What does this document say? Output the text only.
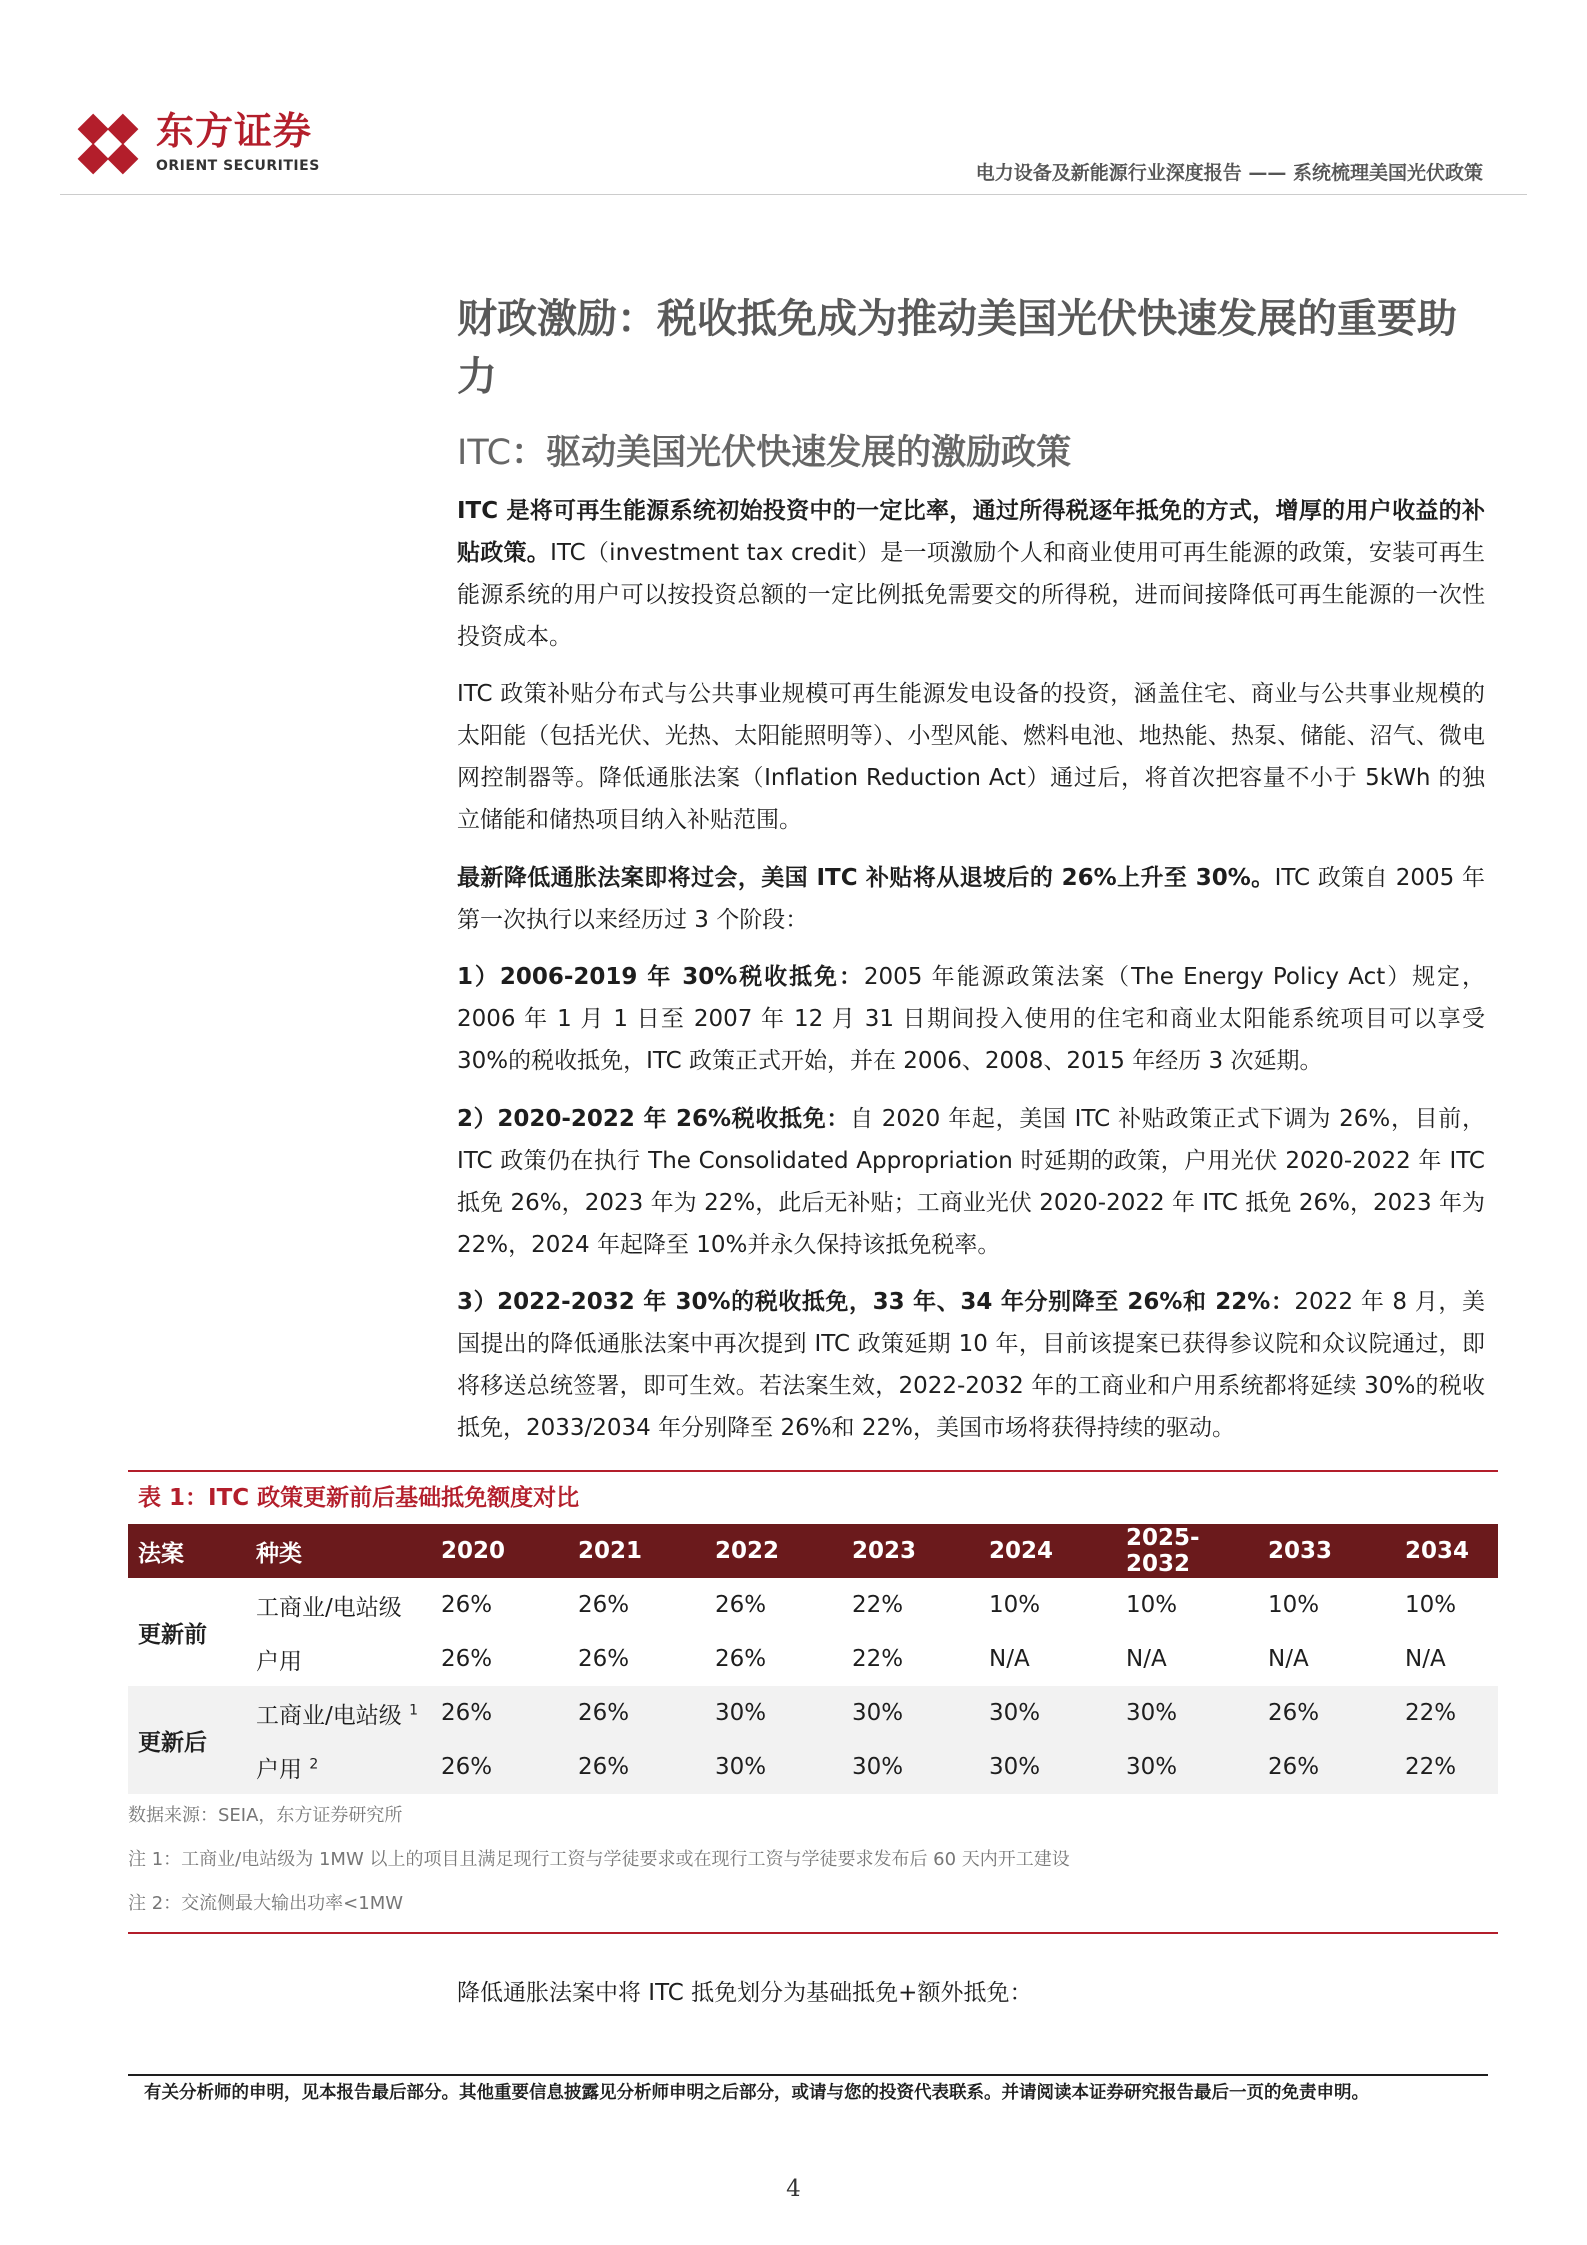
东方证券
ORIENT SECURITIES	电力设备及新能源行业深度报告 —— 系统梳理美国光伏政策
财政激励：税收抵免成为推动美国光伏快速发展的重要助力
ITC：驱动美国光伏快速发展的激励政策

ITC 是将可再生能源系统初始投资中的一定比率，通过所得税逐年抵免的方式，增厚的用户收益的补贴政策。ITC（investment tax credit）是一项激励个人和商业使用可再生能源的政策，安装可再生能源系统的用户可以按投资总额的一定比例抵免需要交的所得税，进而间接降低可再生能源的一次性投资成本。

ITC 政策补贴分布式与公共事业规模可再生能源发电设备的投资，涵盖住宅、商业与公共事业规模的太阳能（包括光伏、光热、太阳能照明等）、小型风能、燃料电池、地热能、热泵、储能、沼气、微电网控制器等。降低通胀法案（Inflation Reduction Act）通过后，将首次把容量不小于 5kWh 的独立储能和储热项目纳入补贴范围。

最新降低通胀法案即将过会，美国 ITC 补贴将从退坡后的 26%上升至 30%。ITC 政策自 2005 年第一次执行以来经历过 3 个阶段：

1）2006-2019 年 30%税收抵免：2005 年能源政策法案（The Energy Policy Act）规定，2006 年 1 月 1 日至 2007 年 12 月 31 日期间投入使用的住宅和商业太阳能系统项目可以享受 30%的税收抵免，ITC 政策正式开始，并在 2006、2008、2015 年经历 3 次延期。

2）2020-2022 年 26%税收抵免：自 2020 年起，美国 ITC 补贴政策正式下调为 26%，目前，ITC 政策仍在执行 The Consolidated Appropriation 时延期的政策，户用光伏 2020-2022 年 ITC 抵免 26%，2023 年为 22%，此后无补贴；工商业光伏 2020-2022 年 ITC 抵免 26%，2023 年为 22%，2024 年起降至 10%并永久保持该抵免税率。

3）2022-2032 年 30%的税收抵免，33 年、34 年分别降至 26%和 22%：2022 年 8 月，美国提出的降低通胀法案中再次提到 ITC 政策延期 10 年，目前该提案已获得参议院和众议院通过，即将移送总统签署，即可生效。若法案生效，2022-2032 年的工商业和户用系统都将延续 30%的税收抵免，2033/2034 年分别降至 26%和 22%，美国市场将获得持续的驱动。

表 1：ITC 政策更新前后基础抵免额度对比
法案	种类	2020	2021	2022	2023	2024	2025-2032	2033	2034
更新前	工商业/电站级	26%	26%	26%	22%	10%	10%	10%	10%
	户用	26%	26%	26%	22%	N/A	N/A	N/A	N/A
更新后	工商业/电站级 $^1$	26%	26%	30%	30%	30%	30%	26%	22%
	户用 $^2$	26%	26%	30%	30%	30%	30%	26%	22%
数据来源：SEIA，东方证券研究所
注 1：工商业/电站级为 1MW 以上的项目且满足现行工资与学徒要求或在现行工资与学徒要求发布后 60 天内开工建设
注 2：交流侧最大输出功率<1MW
降低通胀法案中将 ITC 抵免划分为基础抵免+额外抵免：
有关分析师的申明，见本报告最后部分。其他重要信息披露见分析师申明之后部分，或请与您的投资代表联系。并请阅读本证券研究报告最后一页的免责申明。
4
